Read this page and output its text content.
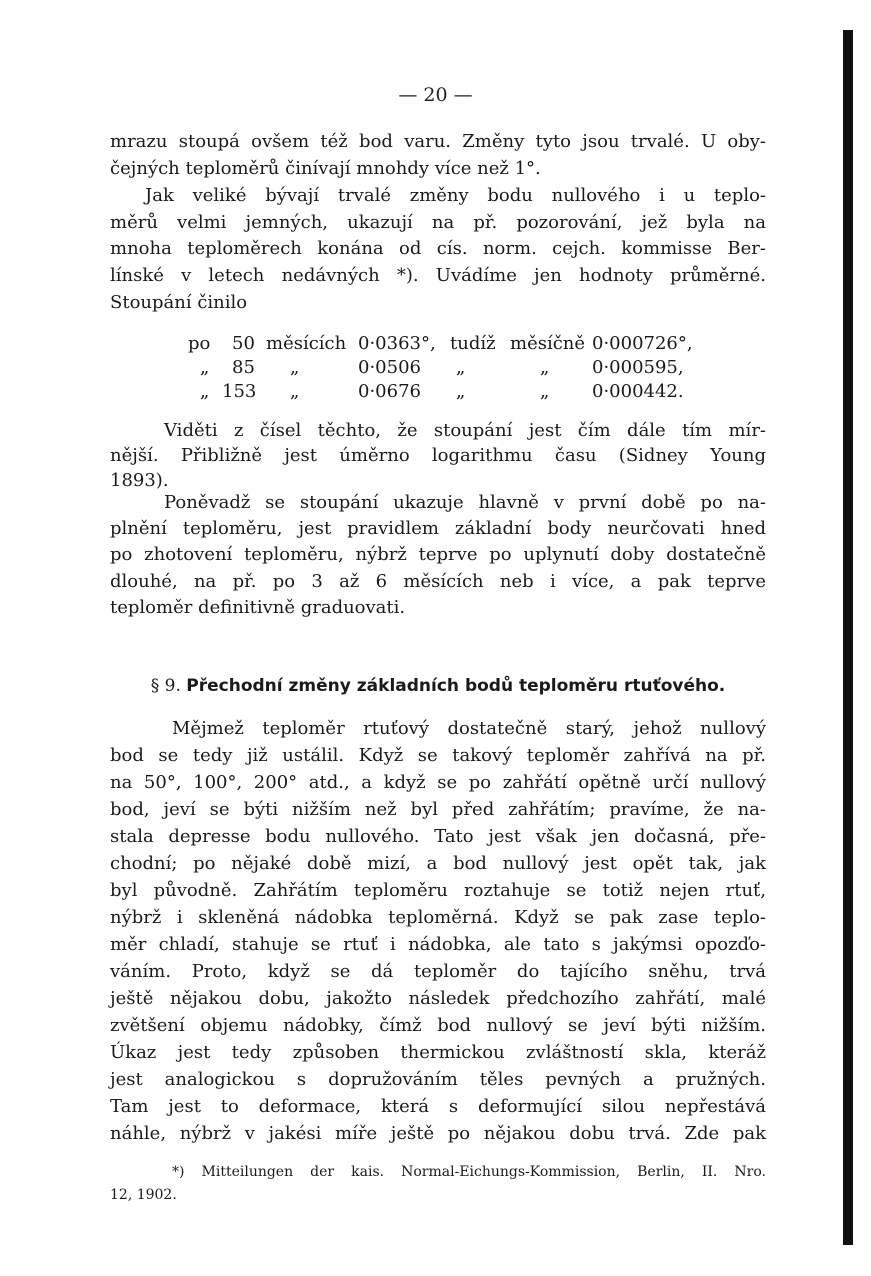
— 20 —
mrazu stoupá ovšem též bod varu. Změny tyto jsou trvalé. U oby-
čejných teploměrů činívají mnohdy více než 1°.
Jak veliké bývají trvalé změny bodu nullového i u teplo-
měrů velmi jemných, ukazují na př. pozorování, jež byla na
mnoha teploměrech konána od cís. norm. cejch. kommisse Ber-
línské v letech nedávných *). Uvádíme jen hodnoty průměrné.
Stoupání činilo
po 50 měsících 0·0363°, tudíž měsíčně 0·000726°,
„ 85 „	0·0506 „	„ 0·000595,
„ 153 „	0·0676 „	„ 0·000442.
Viděti z čísel těchto, že stoupání jest čím dále tím mír-
nější. Přibližně jest úměrno logarithmu času (Sidney Young
1893).
Poněvadž se stoupání ukazuje hlavně v první době po na-
plnění teploměru, jest pravidlem základní body neurčovati hned
po zhotovení teploměru, nýbrž teprve po uplynutí doby dostatečně
dlouhé, na př. po 3 až 6 měsících neb i více, a pak teprve
teploměr definitivně graduovati.
§ 9. Přechodní změny základních bodů teploměru rtuťového.
Mějmež teploměr rtuťový dostatečně starý, jehož nullový
bod se tedy již ustálil. Když se takový teploměr zahřívá na př.
na 50°, 100°, 200° atd., a když se po zahřátí opětně určí nullový
bod, jeví se býti nižším než byl před zahřátím; pravíme, že na-
stala depresse bodu nullového. Tato jest však jen dočasná, pře-
chodní; po nějaké době mizí, a bod nullový jest opět tak, jak
byl původně. Zahřátím teploměru roztahuje se totiž nejen rtuť,
nýbrž i skleněná nádobka teploměrná. Když se pak zase teplo-
měr chladí, stahuje se rtuť i nádobka, ale tato s jakýmsi opozďo-
váním. Proto, když se dá teploměr do tajícího sněhu, trvá
ještě nějakou dobu, jakožto následek předchozího zahřátí, malé
zvětšení objemu nádobky, čímž bod nullový se jeví býti nižším.
Úkaz jest tedy způsoben thermickou zvláštností skla, kteráž
jest analogickou s dopružováním těles pevných a pružných.
Tam jest to deformace, která s deformující silou nepřestává
náhle, nýbrž v jakési míře ještě po nějakou dobu trvá. Zde pak
*) Mitteilungen der kais. Normal-Eichungs-Kommission, Berlin, II. Nro.
12, 1902.
